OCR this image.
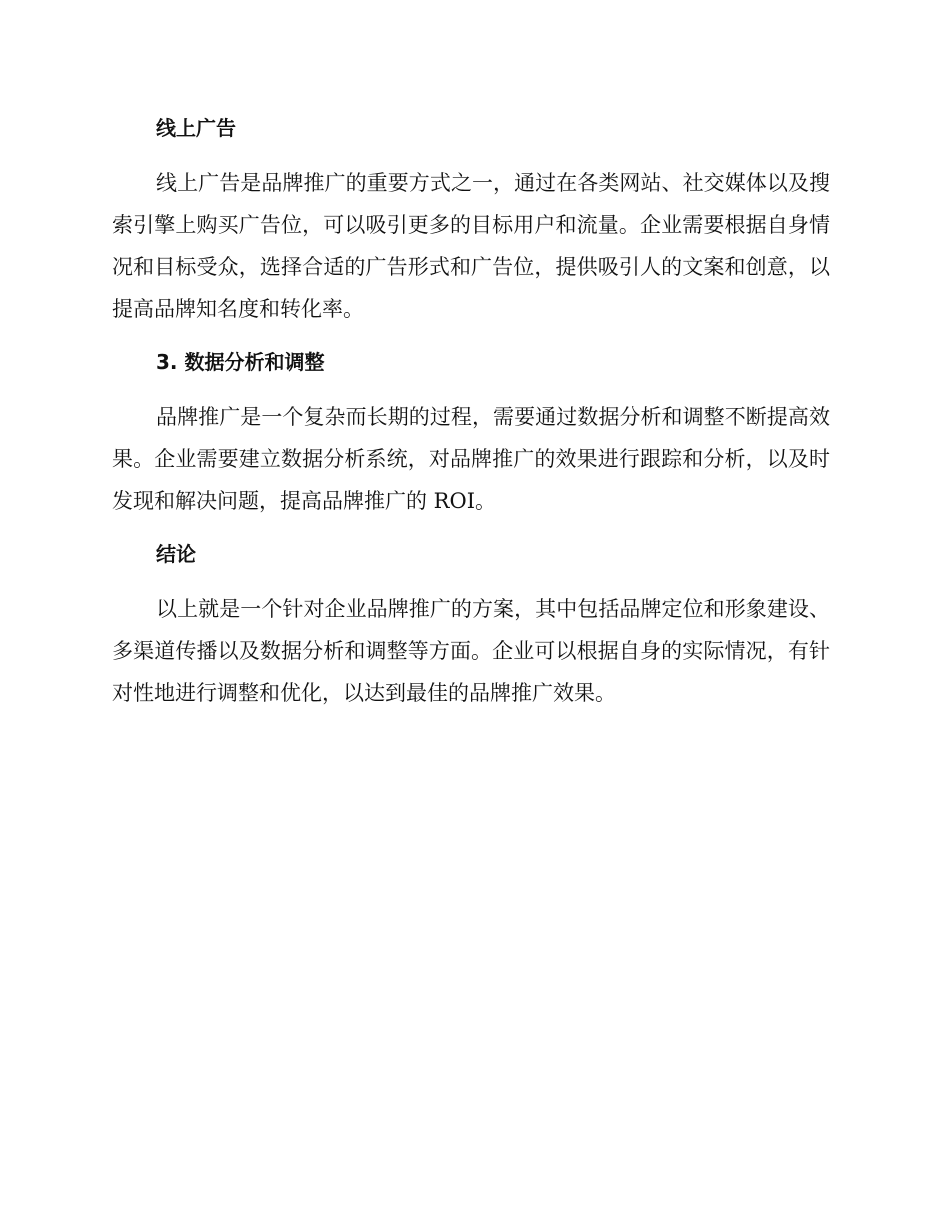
线上广告

线上广告是品牌推广的重要方式之一，通过在各类网站、社交媒体以及搜索引擎上购买广告位，可以吸引更多的目标用户和流量。企业需要根据自身情况和目标受众，选择合适的广告形式和广告位，提供吸引人的文案和创意，以提高品牌知名度和转化率。

3. 数据分析和调整

品牌推广是一个复杂而长期的过程，需要通过数据分析和调整不断提高效果。企业需要建立数据分析系统，对品牌推广的效果进行跟踪和分析，以及时发现和解决问题，提高品牌推广的 ROI。

结论

以上就是一个针对企业品牌推广的方案，其中包括品牌定位和形象建设、多渠道传播以及数据分析和调整等方面。企业可以根据自身的实际情况，有针对性地进行调整和优化，以达到最佳的品牌推广效果。
